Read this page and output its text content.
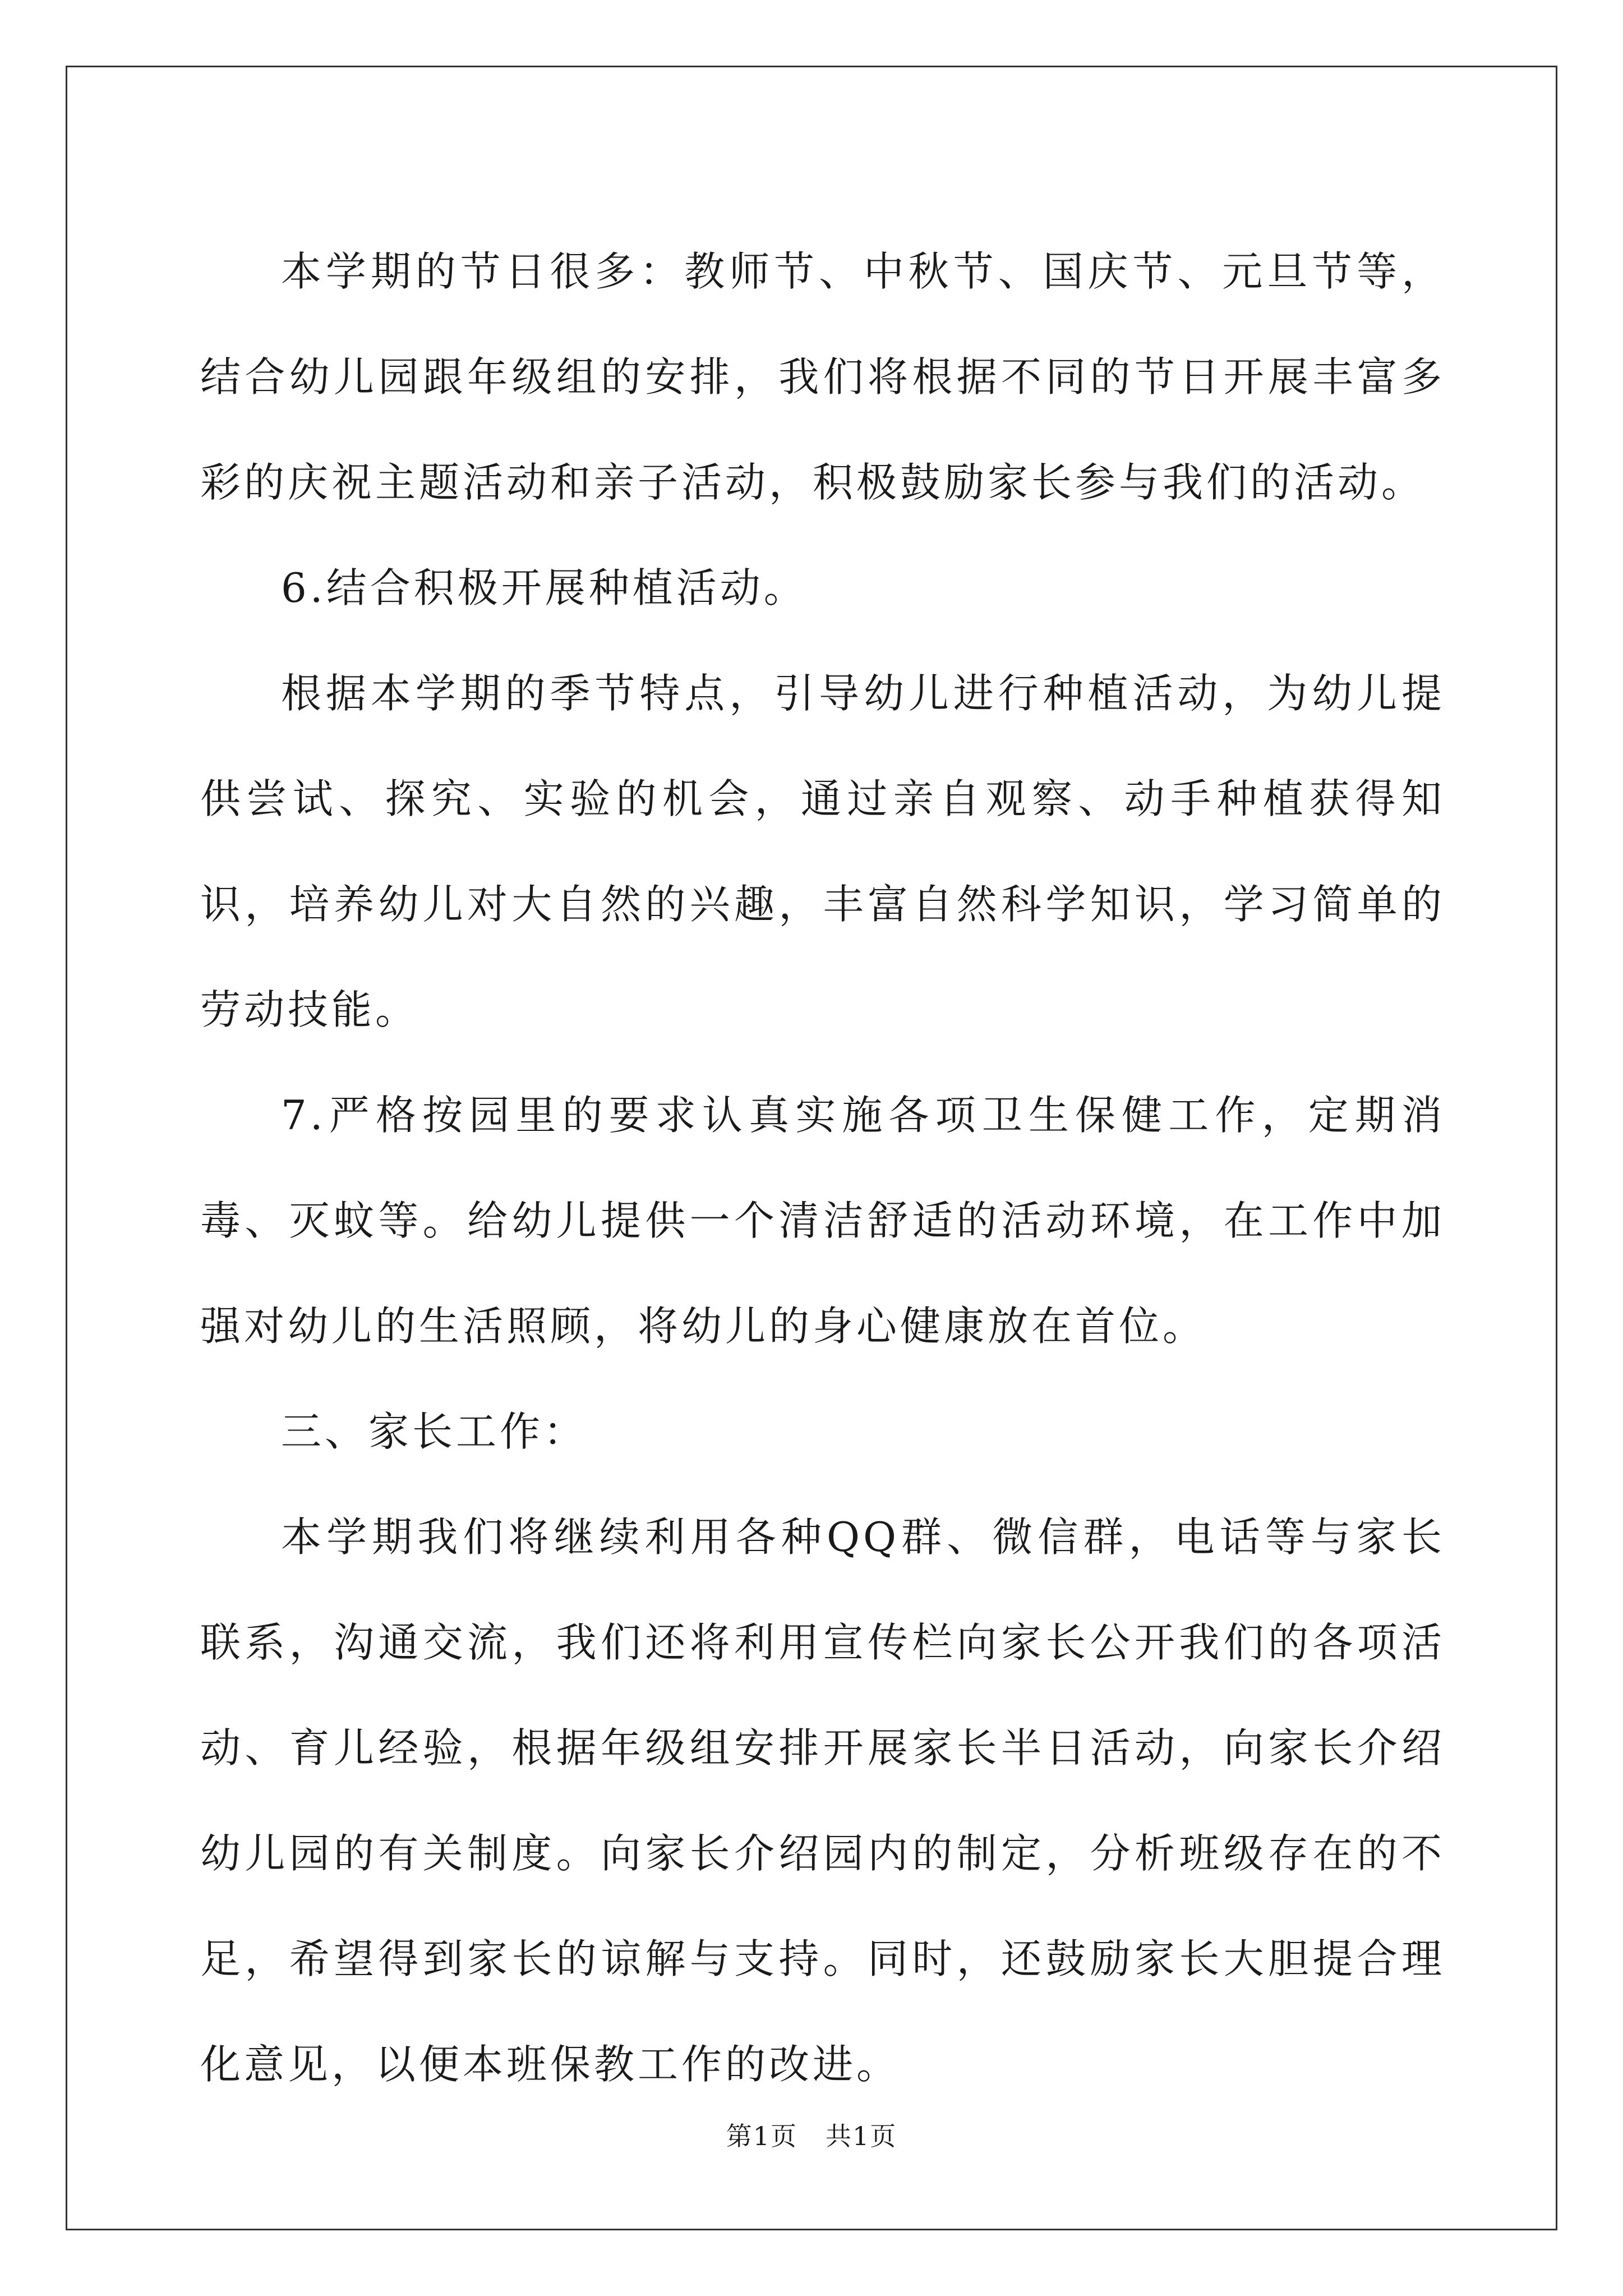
本学期的节日很多：教师节、中秋节、国庆节、元旦节等，结合幼儿园跟年级组的安排，我们将根据不同的节日开展丰富多彩的庆祝主题活动和亲子活动，积极鼓励家长参与我们的活动。

6.结合积极开展种植活动。

根据本学期的季节特点，引导幼儿进行种植活动，为幼儿提供尝试、探究、实验的机会，通过亲自观察、动手种植获得知识，培养幼儿对大自然的兴趣，丰富自然科学知识，学习简单的劳动技能。

7.严格按园里的要求认真实施各项卫生保健工作，定期消毒、灭蚊等。给幼儿提供一个清洁舒适的活动环境，在工作中加强对幼儿的生活照顾，将幼儿的身心健康放在首位。

三、家长工作：

本学期我们将继续利用各种QQ群、微信群，电话等与家长联系，沟通交流，我们还将利用宣传栏向家长公开我们的各项活动、育儿经验，根据年级组安排开展家长半日活动，向家长介绍幼儿园的有关制度。向家长介绍园内的制定，分析班级存在的不足，希望得到家长的谅解与支持。同时，还鼓励家长大胆提合理化意见，以便本班保教工作的改进。

第1页 共1页
